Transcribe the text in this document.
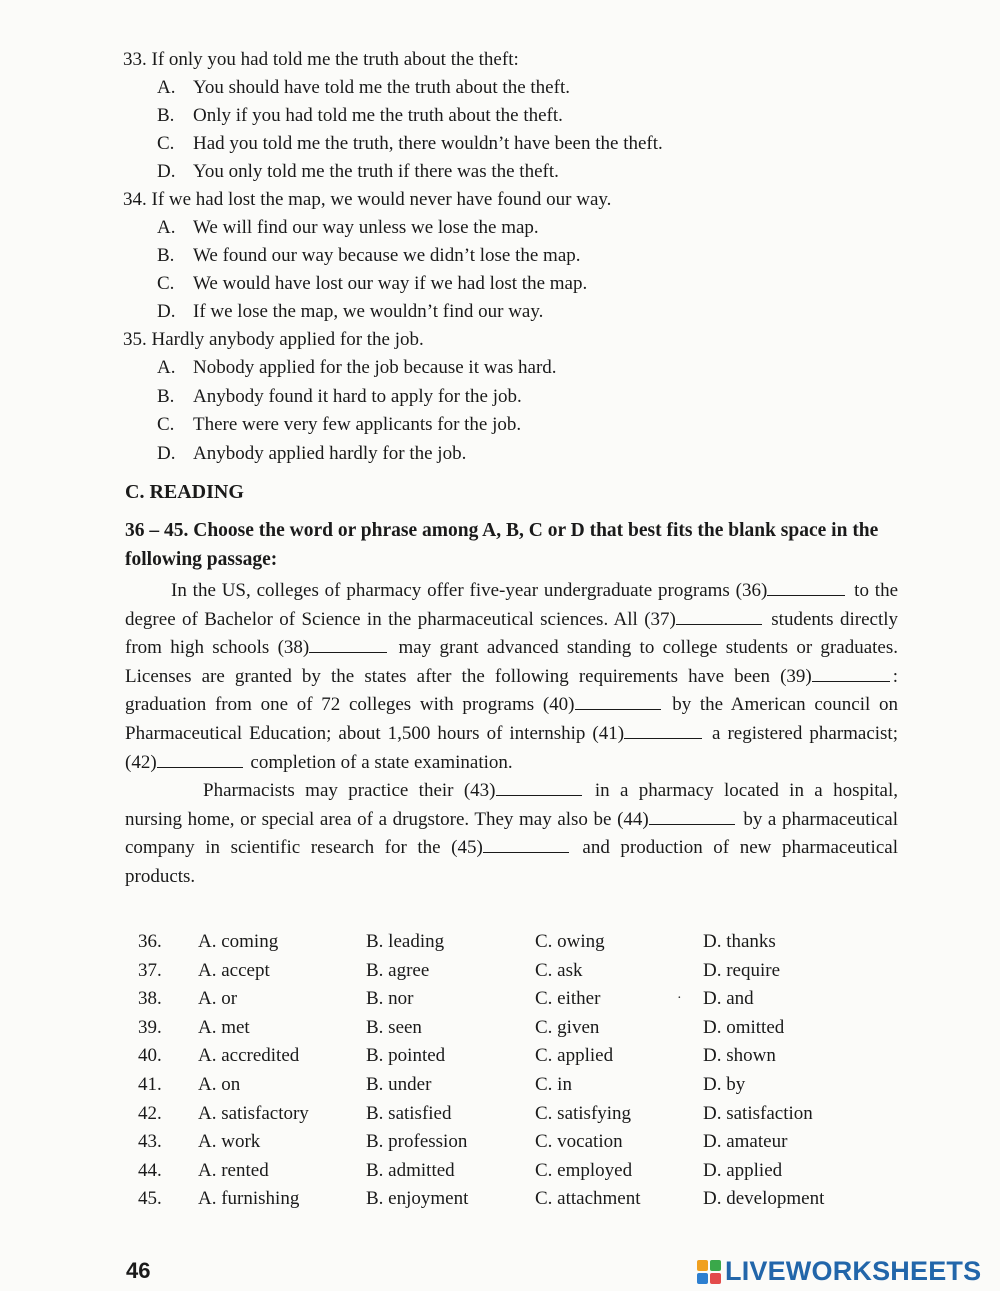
33. If only you had told me the truth about the theft:
A. You should have told me the truth about the theft.
B. Only if you had told me the truth about the theft.
C. Had you told me the truth, there wouldn’t have been the theft.
D. You only told me the truth if there was the theft.
34. If we had lost the map, we would never have found our way.
A. We will find our way unless we lose the map.
B. We found our way because we didn’t lose the map.
C. We would have lost our way if we had lost the map.
D. If we lose the map, we wouldn’t find our way.
35. Hardly anybody applied for the job.
A. Nobody applied for the job because it was hard.
B. Anybody found it hard to apply for the job.
C. There were very few applicants for the job.
D. Anybody applied hardly for the job.
C. READING
36 – 45. Choose the word or phrase among A, B, C or D that best fits the blank space in the following passage:

In the US, colleges of pharmacy offer five-year undergraduate programs (36)	to the degree of Bachelor of Science in the pharmaceutical sciences. All (37)	students directly from high schools (38)	may grant advanced standing to college students or graduates. Licenses are granted by the states after the following requirements have been (39)	: graduation from one of 72 colleges with programs (40)	by the American council on Pharmaceutical Education; about 1,500 hours of internship (41)	a registered pharmacist; (42)	completion of a state examination.

Pharmacists may practice their (43)	in a pharmacy located in a hospital, nursing home, or special area of a drugstore. They may also be (44)	by a pharmaceutical company in scientific research for the (45)	and production of new pharmaceutical products.

36. A. coming	B. leading	C. owing	D. thanks
37. A. accept	B. agree	C. ask	D. require
38. A. or	B. nor	C. either	· D. and
39. A. met	B. seen	C. given	D. omitted
40. A. accredited	B. pointed	C. applied	D. shown
41. A. on	B. under	C. in	D. by
42. A. satisfactory	B. satisfied	C. satisfying	D. satisfaction
43. A. work	B. profession	C. vocation	D. amateur
44. A. rented	B. admitted	C. employed	D. applied
45. A. furnishing	B. enjoyment	C. attachment	D. development
46	LIVEWORKSHEETS
